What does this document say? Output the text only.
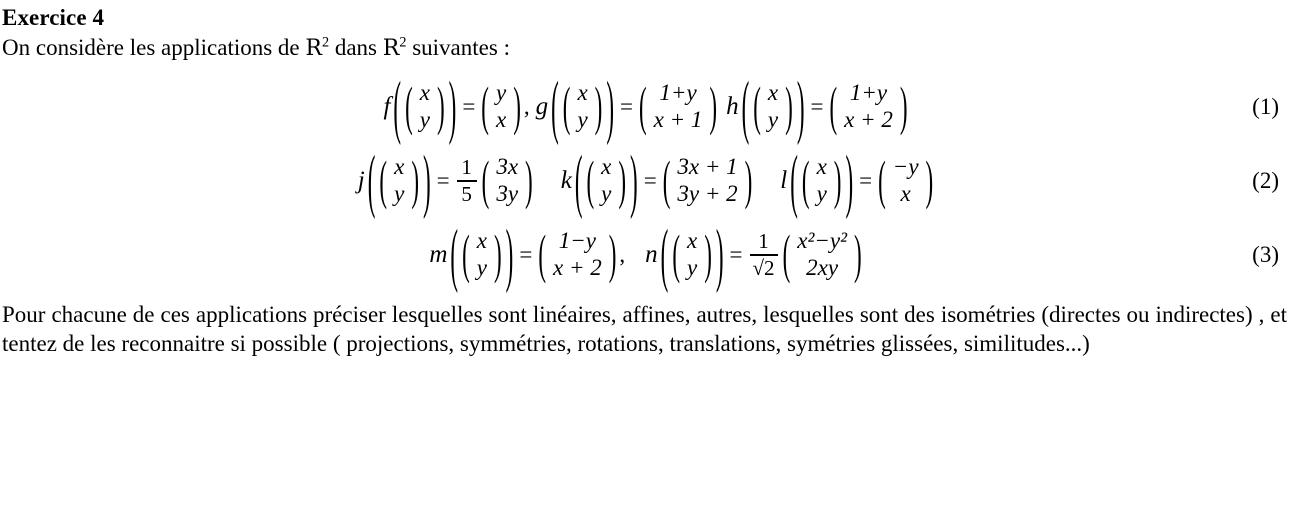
Exercice 4
On considère les applications de $R^2$ dans $R^2$ suivantes :
f ( ( x
y ) ) = ( y
x ) , g ( ( x
y ) ) = ( 1+y
x + 1 ) h ( ( x
y ) ) = ( 1+y
x + 2 )	(1)
j ( ( x
y ) ) = $\frac{1}{5}$ ( 3x
3y ) k ( ( x
y ) ) = ( 3x + 1
3y + 2 ) l ( ( x
y ) ) = ( −y
x )	(2)
m ( ( x
y ) ) = ( 1−y
x + 2 ) , n ( ( x
y ) ) = $\frac{1}{√2}$ ( x²−y²
2xy )	(3)
Pour chacune de ces applications préciser lesquelles sont linéaires, affines, autres, lesquelles sont des isométries (directes ou indirectes) , et tentez de les reconnaitre si possible ( projections, symmétries, rotations, translations, symétries glissées, similitudes...)
